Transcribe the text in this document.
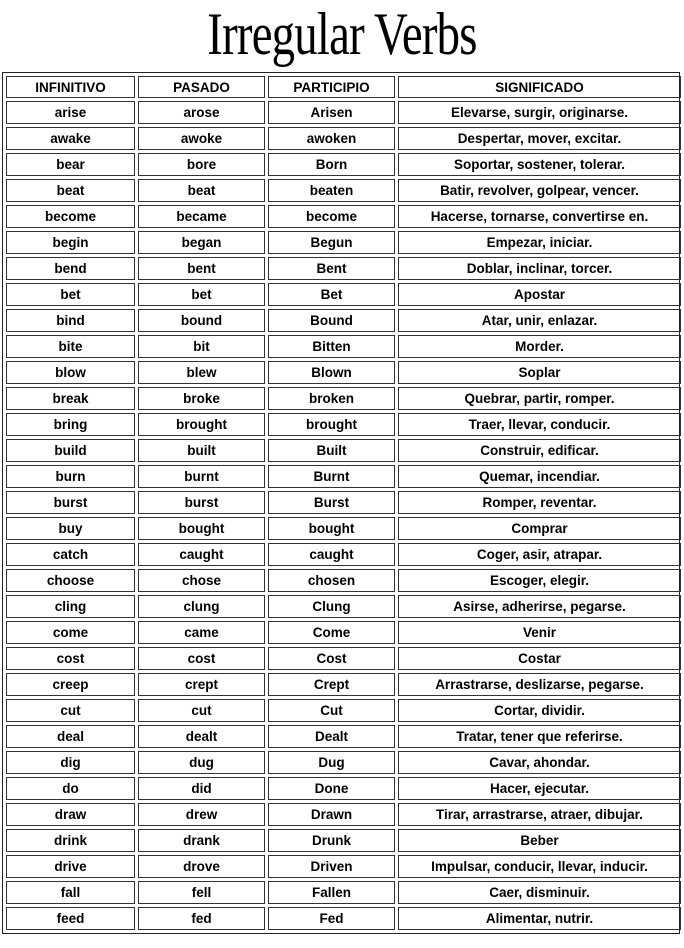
Irregular Verbs
INFINITIVO	PASADO	PARTICIPIO	SIGNIFICADO
arise	arose	Arisen	Elevarse, surgir, originarse.
awake	awoke	awoken	Despertar, mover, excitar.
bear	bore	Born	Soportar, sostener, tolerar.
beat	beat	beaten	Batir, revolver, golpear, vencer.
become	became	become	Hacerse, tornarse, convertirse en.
begin	began	Begun	Empezar, iniciar.
bend	bent	Bent	Doblar, inclinar, torcer.
bet	bet	Bet	Apostar
bind	bound	Bound	Atar, unir, enlazar.
bite	bit	Bitten	Morder.
blow	blew	Blown	Soplar
break	broke	broken	Quebrar, partir, romper.
bring	brought	brought	Traer, llevar, conducir.
build	built	Built	Construir, edificar.
burn	burnt	Burnt	Quemar, incendiar.
burst	burst	Burst	Romper, reventar.
buy	bought	bought	Comprar
catch	caught	caught	Coger, asir, atrapar.
choose	chose	chosen	Escoger, elegir.
cling	clung	Clung	Asirse, adherirse, pegarse.
come	came	Come	Venir
cost	cost	Cost	Costar
creep	crept	Crept	Arrastrarse, deslizarse, pegarse.
cut	cut	Cut	Cortar, dividir.
deal	dealt	Dealt	Tratar, tener que referirse.
dig	dug	Dug	Cavar, ahondar.
do	did	Done	Hacer, ejecutar.
draw	drew	Drawn	Tirar, arrastrarse, atraer, dibujar.
drink	drank	Drunk	Beber
drive	drove	Driven	Impulsar, conducir, llevar, inducir.
fall	fell	Fallen	Caer, disminuir.
feed	fed	Fed	Alimentar, nutrir.
